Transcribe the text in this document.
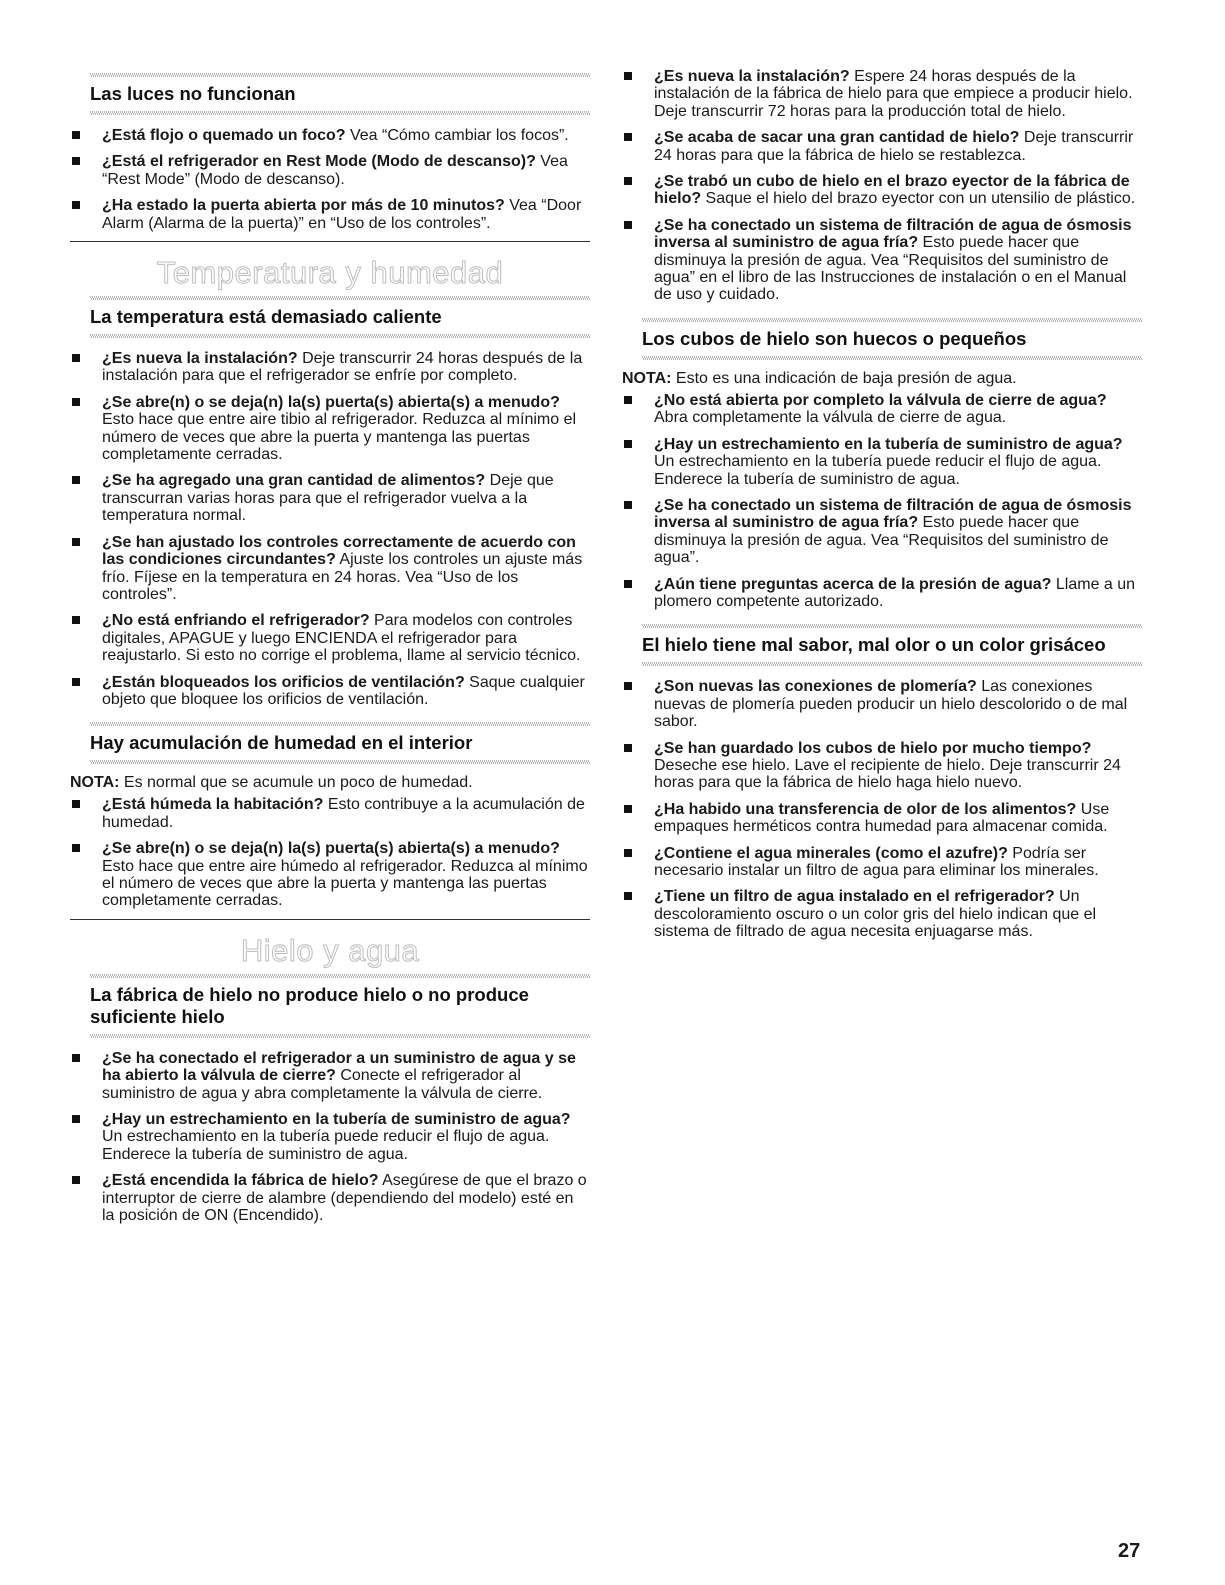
Las luces no funcionan
¿Está flojo o quemado un foco? Vea “Cómo cambiar los focos”.
¿Está el refrigerador en Rest Mode (Modo de descanso)? Vea “Rest Mode” (Modo de descanso).
¿Ha estado la puerta abierta por más de 10 minutos? Vea “Door Alarm (Alarma de la puerta)” en “Uso de los controles”.
Temperatura y humedad
La temperatura está demasiado caliente
¿Es nueva la instalación? Deje transcurrir 24 horas después de la instalación para que el refrigerador se enfríe por completo.
¿Se abre(n) o se deja(n) la(s) puerta(s) abierta(s) a menudo? Esto hace que entre aire tibio al refrigerador. Reduzca al mínimo el número de veces que abre la puerta y mantenga las puertas completamente cerradas.
¿Se ha agregado una gran cantidad de alimentos? Deje que transcurran varias horas para que el refrigerador vuelva a la temperatura normal.
¿Se han ajustado los controles correctamente de acuerdo con las condiciones circundantes? Ajuste los controles un ajuste más frío. Fíjese en la temperatura en 24 horas. Vea “Uso de los controles”.
¿No está enfriando el refrigerador? Para modelos con controles digitales, APAGUE y luego ENCIENDA el refrigerador para reajustarlo. Si esto no corrige el problema, llame al servicio técnico.
¿Están bloqueados los orificios de ventilación? Saque cualquier objeto que bloquee los orificios de ventilación.
Hay acumulación de humedad en el interior
NOTA: Es normal que se acumule un poco de humedad.
¿Está húmeda la habitación? Esto contribuye a la acumulación de humedad.
¿Se abre(n) o se deja(n) la(s) puerta(s) abierta(s) a menudo? Esto hace que entre aire húmedo al refrigerador. Reduzca al mínimo el número de veces que abre la puerta y mantenga las puertas completamente cerradas.
Hielo y agua
La fábrica de hielo no produce hielo o no produce suficiente hielo
¿Se ha conectado el refrigerador a un suministro de agua y se ha abierto la válvula de cierre? Conecte el refrigerador al suministro de agua y abra completamente la válvula de cierre.
¿Hay un estrechamiento en la tubería de suministro de agua? Un estrechamiento en la tubería puede reducir el flujo de agua. Enderece la tubería de suministro de agua.
¿Está encendida la fábrica de hielo? Asegúrese de que el brazo o interruptor de cierre de alambre (dependiendo del modelo) esté en la posición de ON (Encendido).
¿Es nueva la instalación? Espere 24 horas después de la instalación de la fábrica de hielo para que empiece a producir hielo. Deje transcurrir 72 horas para la producción total de hielo.
¿Se acaba de sacar una gran cantidad de hielo? Deje transcurrir 24 horas para que la fábrica de hielo se restablezca.
¿Se trabó un cubo de hielo en el brazo eyector de la fábrica de hielo? Saque el hielo del brazo eyector con un utensilio de plástico.
¿Se ha conectado un sistema de filtración de agua de ósmosis inversa al suministro de agua fría? Esto puede hacer que disminuya la presión de agua. Vea “Requisitos del suministro de agua” en el libro de las Instrucciones de instalación o en el Manual de uso y cuidado.
Los cubos de hielo son huecos o pequeños
NOTA: Esto es una indicación de baja presión de agua.
¿No está abierta por completo la válvula de cierre de agua? Abra completamente la válvula de cierre de agua.
¿Hay un estrechamiento en la tubería de suministro de agua? Un estrechamiento en la tubería puede reducir el flujo de agua. Enderece la tubería de suministro de agua.
¿Se ha conectado un sistema de filtración de agua de ósmosis inversa al suministro de agua fría? Esto puede hacer que disminuya la presión de agua. Vea “Requisitos del suministro de agua”.
¿Aún tiene preguntas acerca de la presión de agua? Llame a un plomero competente autorizado.
El hielo tiene mal sabor, mal olor o un color grisáceo
¿Son nuevas las conexiones de plomería? Las conexiones nuevas de plomería pueden producir un hielo descolorido o de mal sabor.
¿Se han guardado los cubos de hielo por mucho tiempo? Deseche ese hielo. Lave el recipiente de hielo. Deje transcurrir 24 horas para que la fábrica de hielo haga hielo nuevo.
¿Ha habido una transferencia de olor de los alimentos? Use empaques herméticos contra humedad para almacenar comida.
¿Contiene el agua minerales (como el azufre)? Podría ser necesario instalar un filtro de agua para eliminar los minerales.
¿Tiene un filtro de agua instalado en el refrigerador? Un descoloramiento oscuro o un color gris del hielo indican que el sistema de filtrado de agua necesita enjuagarse más.
27
